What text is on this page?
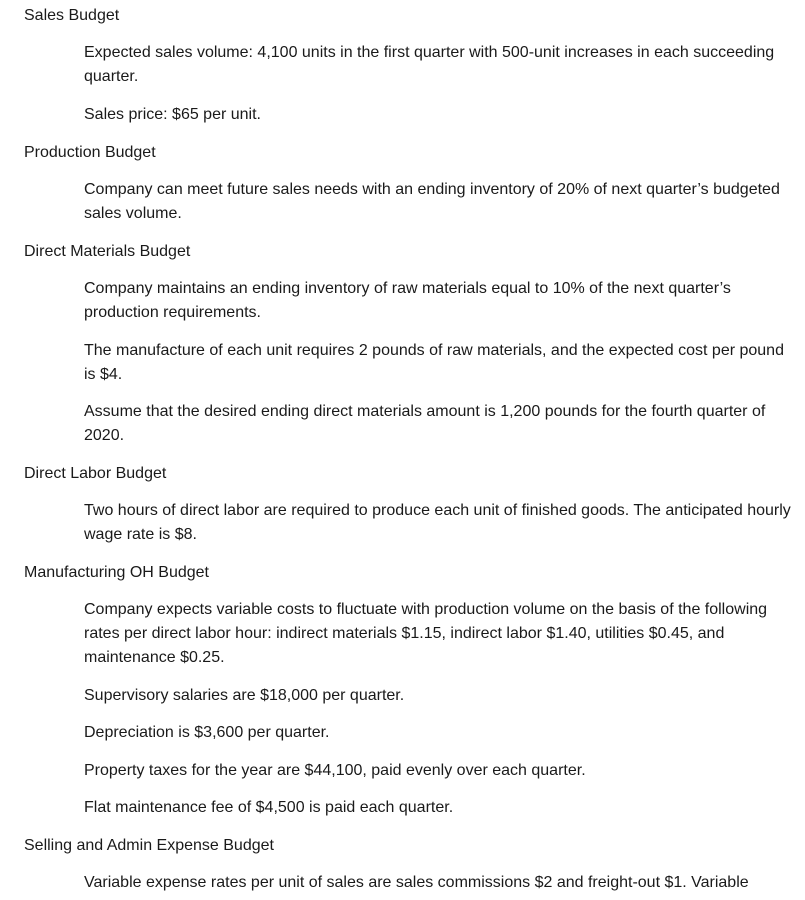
Sales Budget

Expected sales volume: 4,100 units in the first quarter with 500-unit increases in each succeeding quarter.

Sales price: $65 per unit.

Production Budget

Company can meet future sales needs with an ending inventory of 20% of next quarter’s budgeted sales volume.

Direct Materials Budget

Company maintains an ending inventory of raw materials equal to 10% of the next quarter’s production requirements.

The manufacture of each unit requires 2 pounds of raw materials, and the expected cost per pound is $4.

Assume that the desired ending direct materials amount is 1,200 pounds for the fourth quarter of 2020.

Direct Labor Budget

Two hours of direct labor are required to produce each unit of finished goods. The anticipated hourly wage rate is $8.

Manufacturing OH Budget

Company expects variable costs to fluctuate with production volume on the basis of the following rates per direct labor hour: indirect materials $1.15, indirect labor $1.40, utilities $0.45, and maintenance $0.25.

Supervisory salaries are $18,000 per quarter.

Depreciation is $3,600 per quarter.

Property taxes for the year are $44,100, paid evenly over each quarter.

Flat maintenance fee of $4,500 is paid each quarter.

Selling and Admin Expense Budget

Variable expense rates per unit of sales are sales commissions $2 and freight-out $1. Variable
